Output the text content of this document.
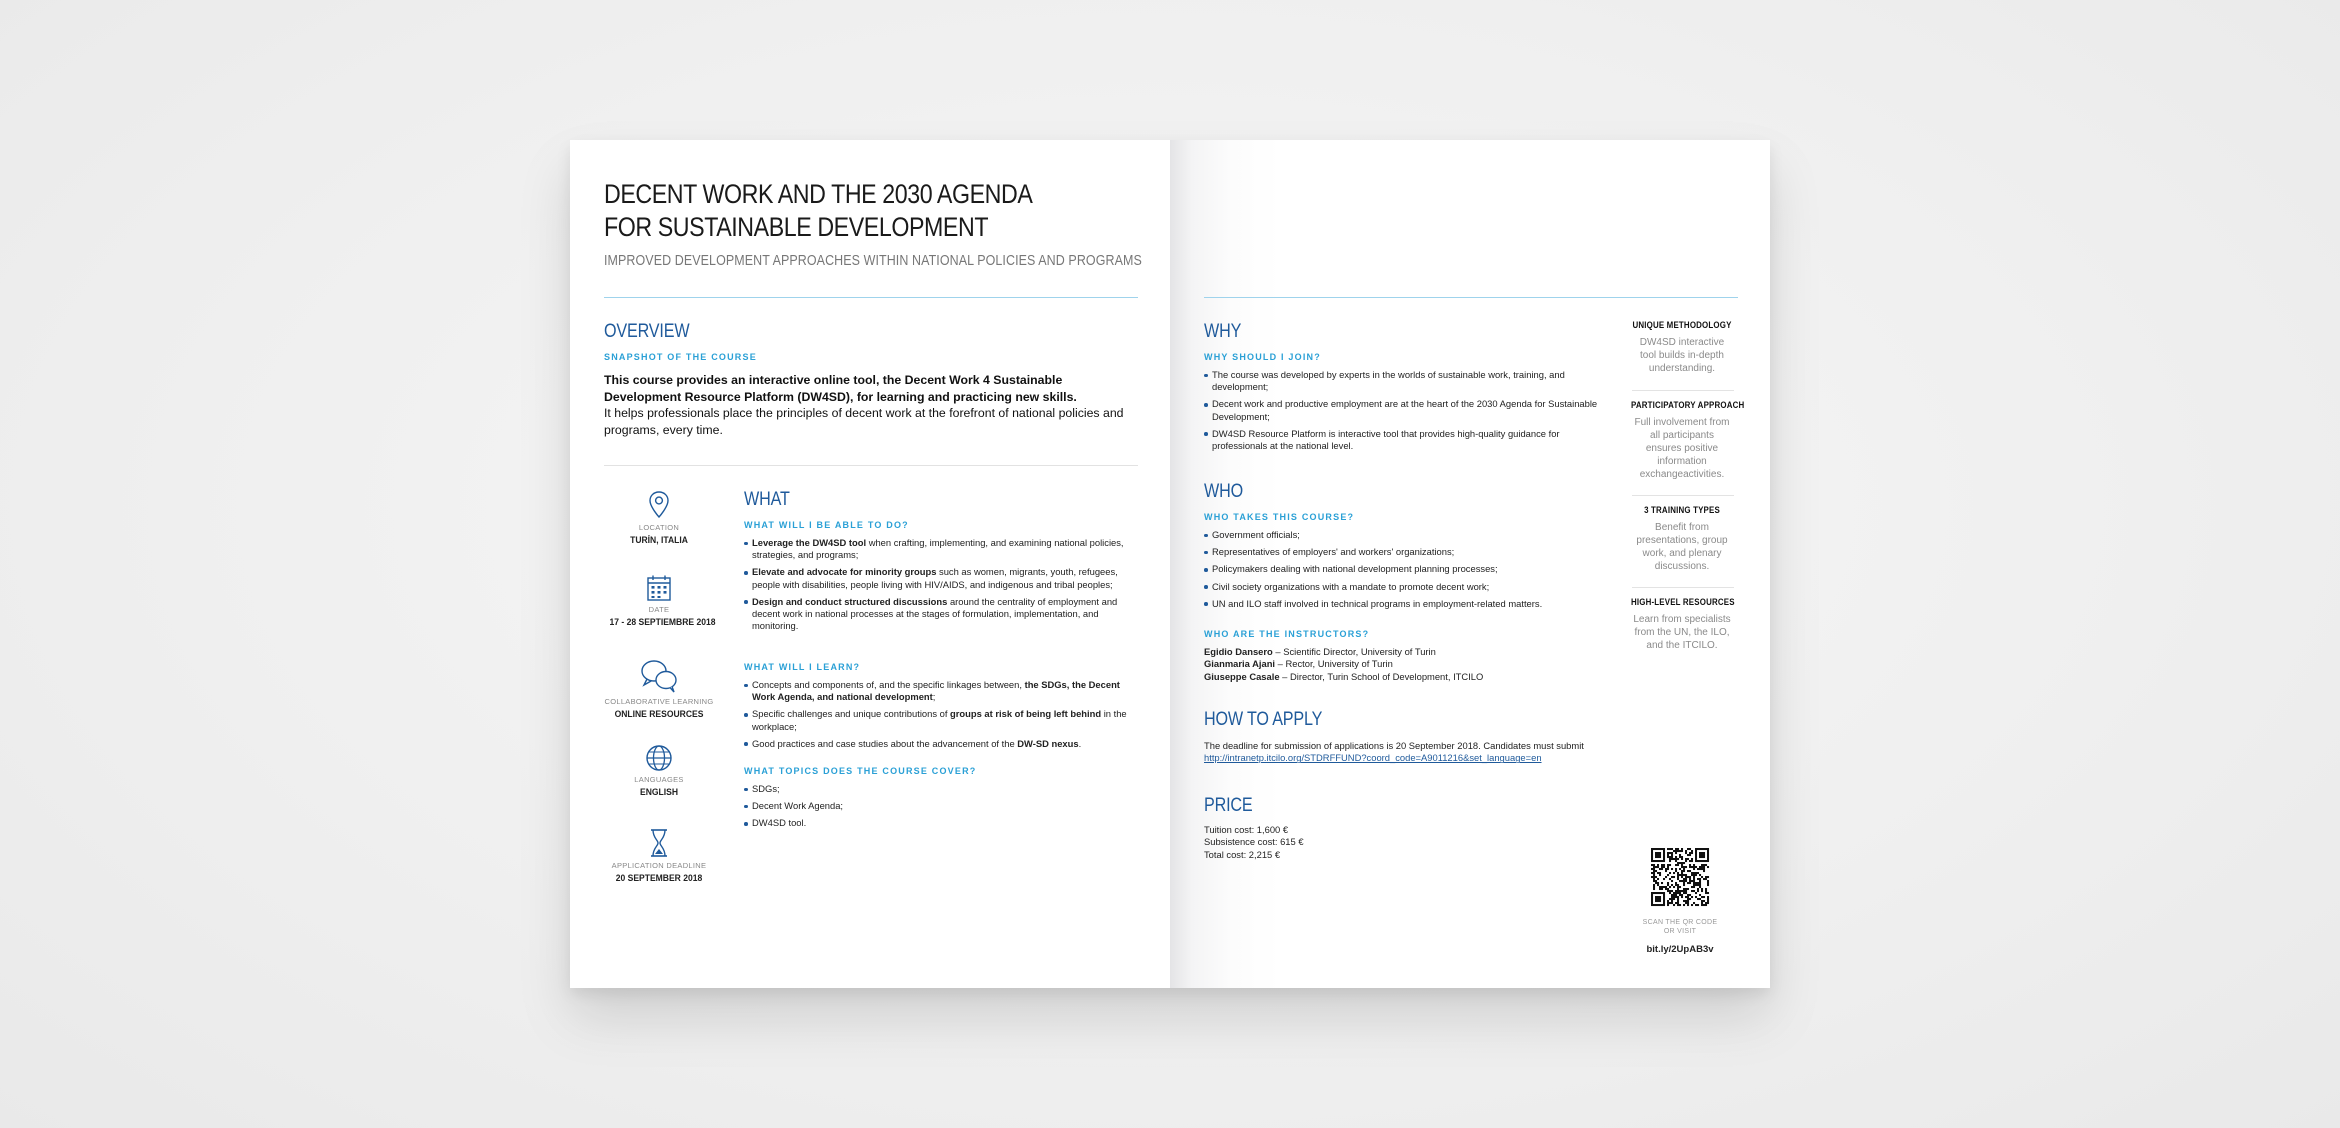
DECENT WORK AND THE 2030 AGENDA
FOR SUSTAINABLE DEVELOPMENT
IMPROVED DEVELOPMENT APPROACHES WITHIN NATIONAL POLICIES AND PROGRAMS
OVERVIEW
SNAPSHOT OF THE COURSE
This course provides an interactive online tool, the Decent Work 4 Sustainable Development Resource Platform (DW4SD), for learning and practicing new skills.
It helps professionals place the principles of decent work at the forefront of national policies and programs, every time.
LOCATION
TURÍN, ITALIA
DATE
17 - 28 SEPTIEMBRE 2018
COLLABORATIVE LEARNING
ONLINE RESOURCES
LANGUAGES
ENGLISH
APPLICATION DEADLINE
20 SEPTEMBER 2018
WHAT
WHAT WILL I BE ABLE TO DO?
Leverage the DW4SD tool when crafting, implementing, and examining national policies, strategies, and programs;
Elevate and advocate for minority groups such as women, migrants, youth, refugees, people with disabilities, people living with HIV/AIDS, and indigenous and tribal peoples;
Design and conduct structured discussions around the centrality of employment and decent work in national processes at the stages of formulation, implementation, and monitoring.
WHAT WILL I LEARN?
Concepts and components of, and the specific linkages between, the SDGs, the Decent Work Agenda, and national development;
Specific challenges and unique contributions of groups at risk of being left behind in the workplace;
Good practices and case studies about the advancement of the DW-SD nexus.
WHAT TOPICS DOES THE COURSE COVER?
SDGs;
Decent Work Agenda;
DW4SD tool.
WHY
WHY SHOULD I JOIN?
The course was developed by experts in the worlds of sustainable work, training, and development;
Decent work and productive employment are at the heart of the 2030 Agenda for Sustainable Development;
DW4SD Resource Platform is interactive tool that provides high-quality guidance for professionals at the national level.
WHO
WHO TAKES THIS COURSE?
Government officials;
Representatives of employers' and workers' organizations;
Policymakers dealing with national development planning processes;
Civil society organizations with a mandate to promote decent work;
UN and ILO staff involved in technical programs in employment-related matters.
WHO ARE THE INSTRUCTORS?
Egidio Dansero – Scientific Director, University of Turin
Gianmaria Ajani – Rector, University of Turin
Giuseppe Casale – Director, Turin School of Development, ITCILO
HOW TO APPLY
The deadline for submission of applications is 20 September 2018. Candidates must submit http://intranetp.itcilo.org/STDRFFUND?coord_code=A9011216&set_language=en
PRICE
Tuition cost: 1,600 €
Subsistence cost: 615 €
Total cost: 2,215 €
UNIQUE METHODOLOGY
DW4SD interactive tool builds in-depth understanding.
PARTICIPATORY APPROACH
Full involvement from all participants ensures positive information exchangeactivities.
3 TRAINING TYPES
Benefit from presentations, group work, and plenary discussions.
HIGH-LEVEL RESOURCES
Learn from specialists from the UN, the ILO, and the ITCILO.
SCAN THE QR CODE
OR VISIT
bit.ly/2UpAB3v
